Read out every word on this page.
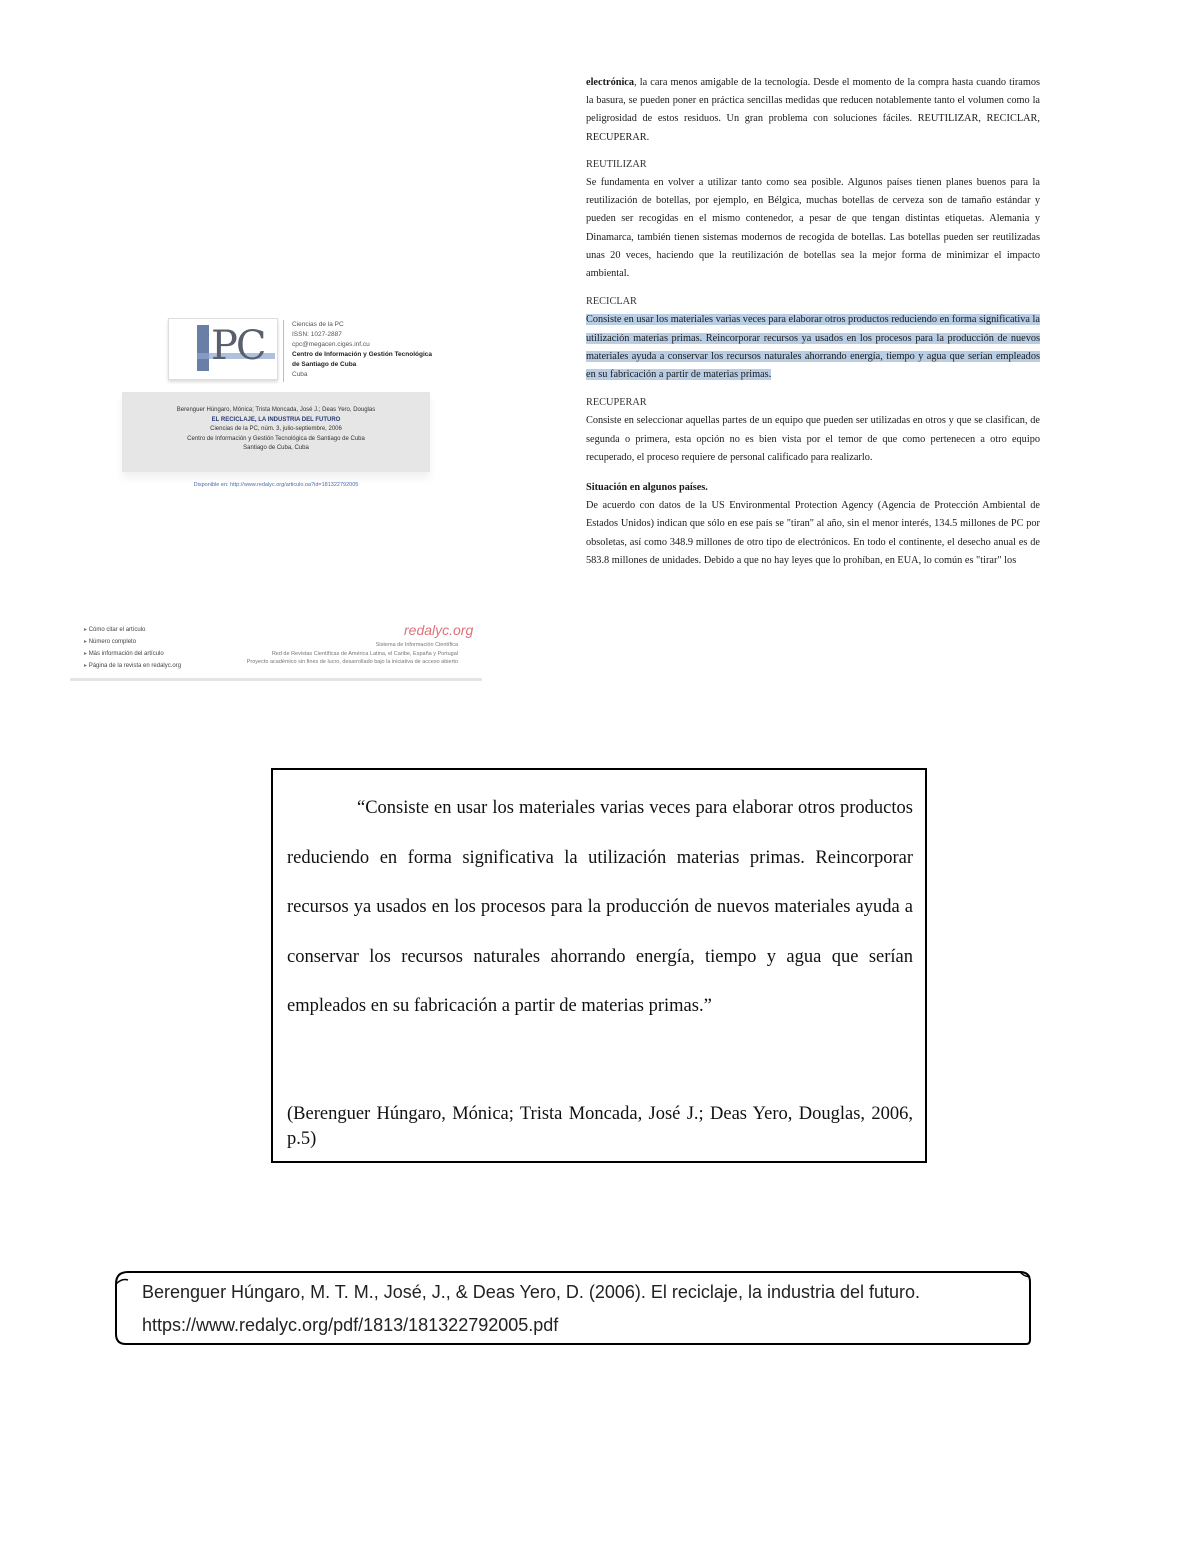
PC	Ciencias de la PC
ISSN: 1027-2887
cpc@megacen.ciges.inf.cu
Centro de Información y Gestión Tecnológica
de Santiago de Cuba
Cuba
Berenguer Húngaro, Mónica; Trista Moncada, José J.; Deas Yero, Douglas
EL RECICLAJE, LA INDUSTRIA DEL FUTURO
Ciencias de la PC, núm. 3, julio-septiembre, 2006
Centro de Información y Gestión Tecnológica de Santiago de Cuba
Santiago de Cuba, Cuba
Disponible en: http://www.redalyc.org/articulo.oa?id=181322792005
▸ Cómo citar el artículo
▸ Número completo
▸ Más información del artículo
▸ Página de la revista en redalyc.org
redalyc.org
Sistema de Información Científica
Red de Revistas Científicas de América Latina, el Caribe, España y Portugal
Proyecto académico sin fines de lucro, desarrollado bajo la iniciativa de acceso abierto

electrónica, la cara menos amigable de la tecnología. Desde el momento de la compra hasta cuando tiramos la basura, se pueden poner en práctica sencillas medidas que reducen notablemente tanto el volumen como la peligrosidad de estos residuos. Un gran problema con soluciones fáciles. REUTILIZAR, RECICLAR, RECUPERAR.

REUTILIZAR

Se fundamenta en volver a utilizar tanto como sea posible. Algunos países tienen planes buenos para la reutilización de botellas, por ejemplo, en Bélgica, muchas botellas de cerveza son de tamaño estándar y pueden ser recogidas en el mismo contenedor, a pesar de que tengan distintas etiquetas. Alemania y Dinamarca, también tienen sistemas modernos de recogida de botellas. Las botellas pueden ser reutilizadas unas 20 veces, haciendo que la reutilización de botellas sea la mejor forma de minimizar el impacto ambiental.

RECICLAR

Consiste en usar los materiales varias veces para elaborar otros productos reduciendo en forma significativa la utilización materias primas. Reincorporar recursos ya usados en los procesos para la producción de nuevos materiales ayuda a conservar los recursos naturales ahorrando energía, tiempo y agua que serían empleados en su fabricación a partir de materias primas.

RECUPERAR

Consiste en seleccionar aquellas partes de un equipo que pueden ser utilizadas en otros y que se clasifican, de segunda o primera, esta opción no es bien vista por el temor de que como pertenecen a otro equipo recuperado, el proceso requiere de personal calificado para realizarlo.

Situación en algunos países.

De acuerdo con datos de la US Environmental Protection Agency (Agencia de Protección Ambiental de Estados Unidos) indican que sólo en ese país se "tiran" al año, sin el menor interés, 134.5 millones de PC por obsoletas, así como 348.9 millones de otro tipo de electrónicos. En todo el continente, el desecho anual es de 583.8 millones de unidades. Debido a que no hay leyes que lo prohíban, en EUA, lo común es "tirar" los

“Consiste en usar los materiales varias veces para elaborar otros productos reduciendo en forma significativa la utilización materias primas. Reincorporar recursos ya usados en los procesos para la producción de nuevos materiales ayuda a conservar los recursos naturales ahorrando energía, tiempo y agua que serían empleados en su fabricación a partir de materias primas.”
(Berenguer Húngaro, Mónica; Trista Moncada, José J.; Deas Yero, Douglas, 2006, p.5)
Berenguer Húngaro, M. T. M., José, J., & Deas Yero, D. (2006). El reciclaje, la industria del futuro.
https://www.redalyc.org/pdf/1813/181322792005.pdf
